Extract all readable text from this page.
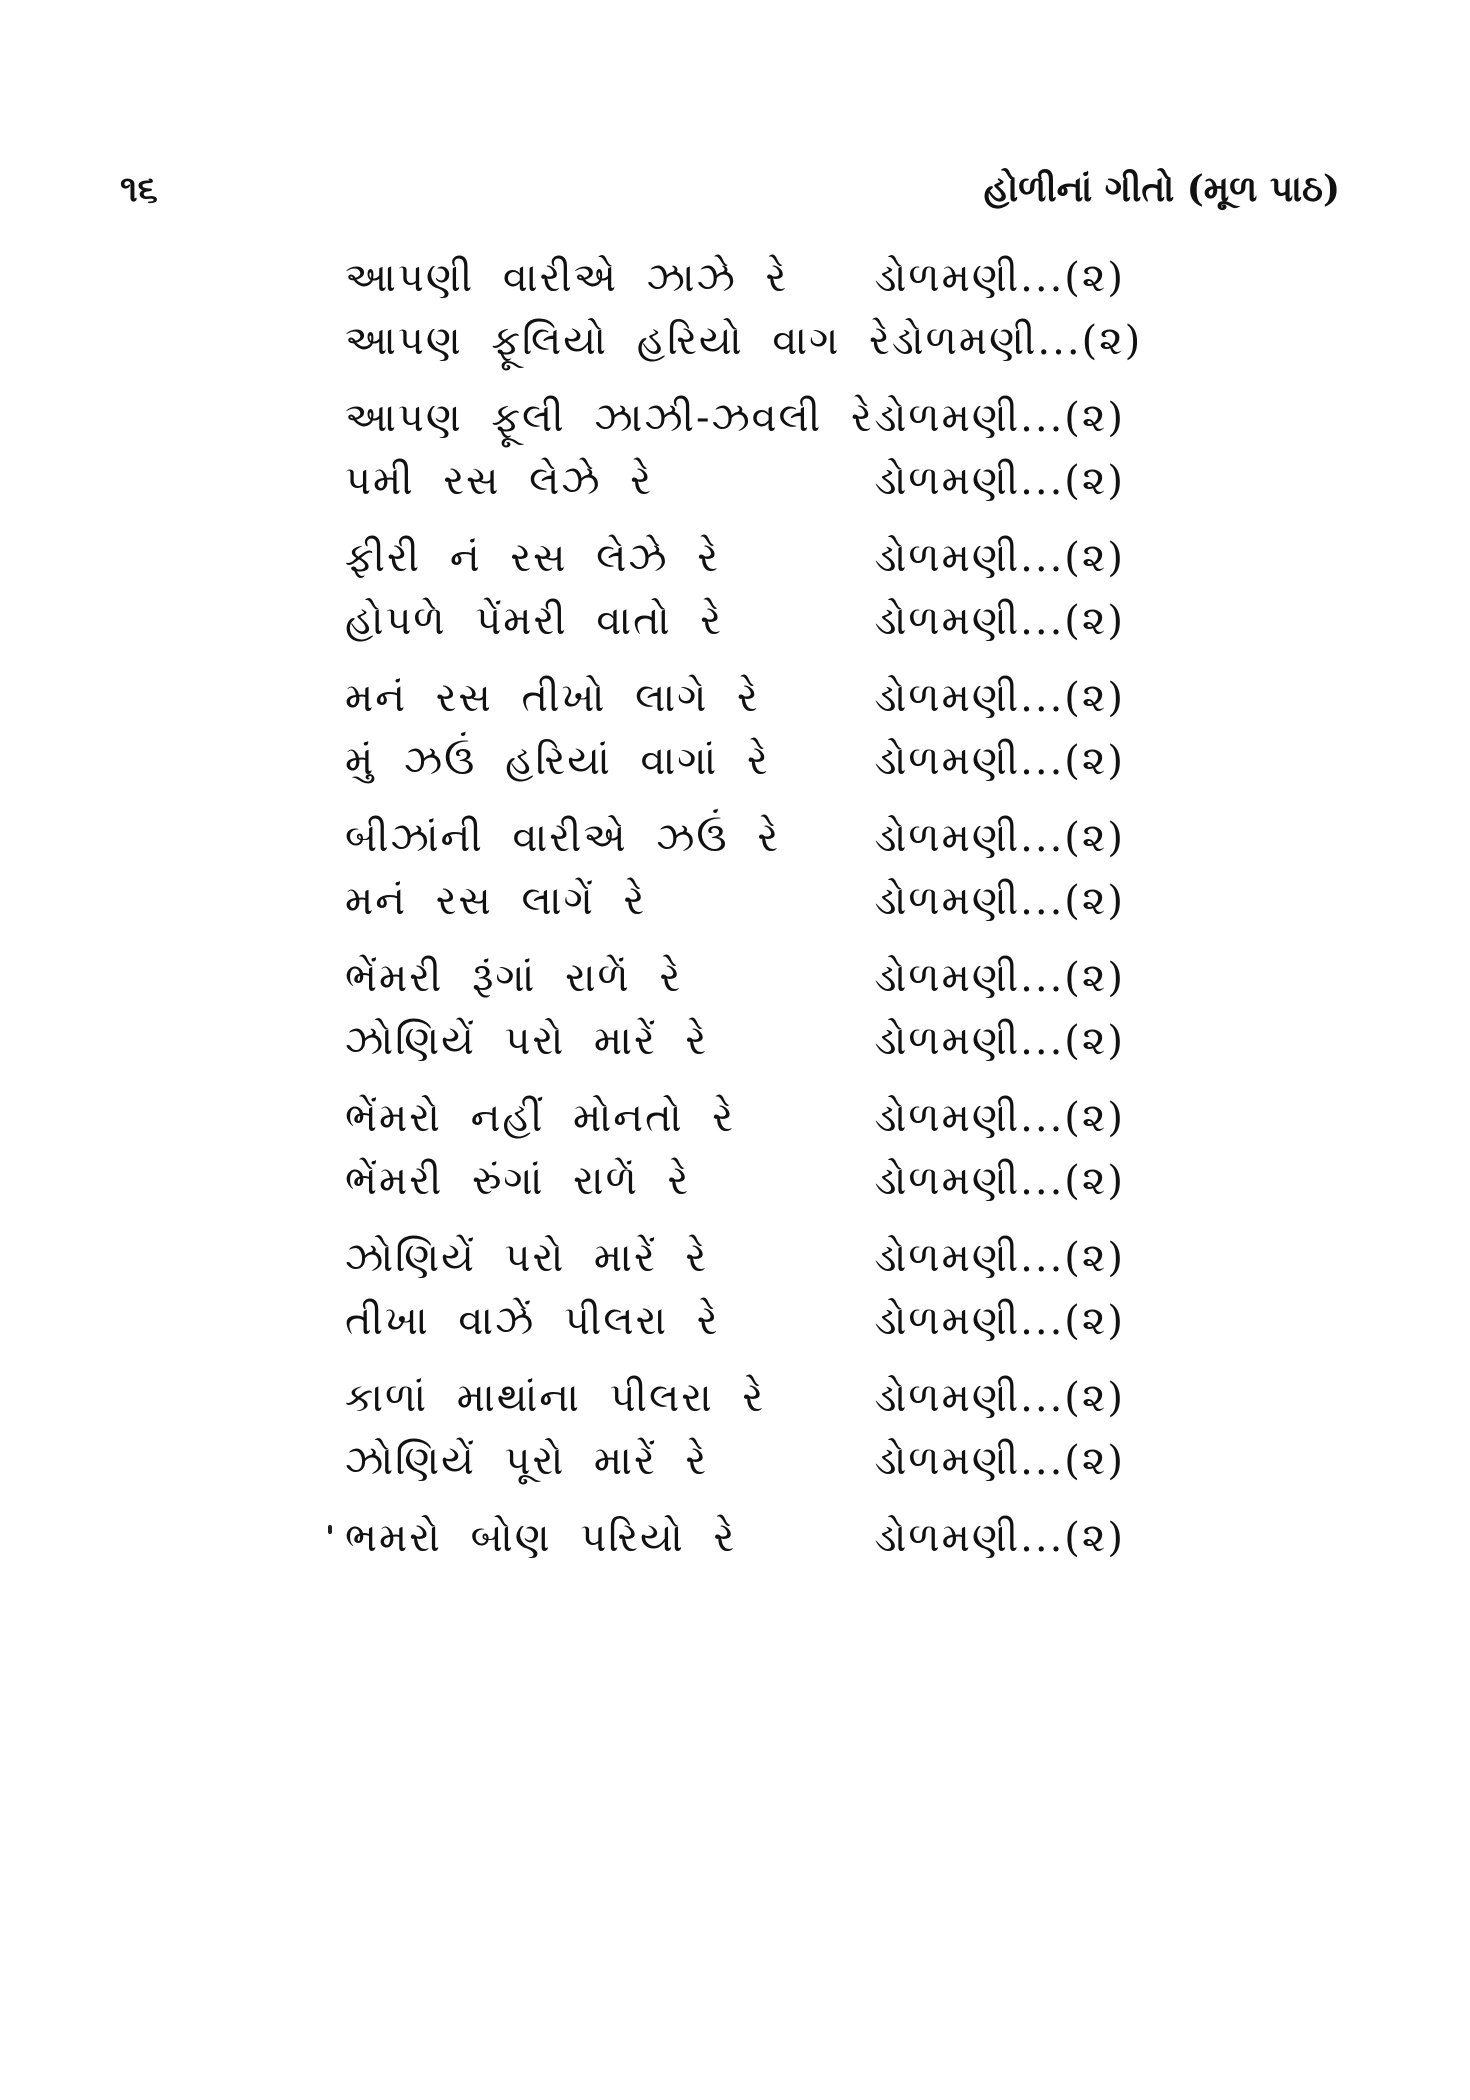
૧૬	હોળીનાં ગીતો (મૂળ પાઠ)
આપણી વારીએ ઝાઝે રે	ડોળમણી...(૨)
આપણ ફૂલિયો હરિયો વાગ રે ડોળમણી...(૨)
આપણ ફૂલી ઝાઝી-ઝવલી રે ડોળમણી...(૨)
પમી રસ લેઝે રે	ડોળમણી...(૨)
ફીરી નં રસ લેઝે રે	ડોળમણી...(૨)
હોપળે પેંમરી વાતો રે	ડોળમણી...(૨)
મનં રસ તીખો લાગે રે	ડોળમણી...(૨)
મું ઝઉં હરિયાં વાગાં રે	ડોળમણી...(૨)
બીઝાંની વારીએ ઝઉં રે	ડોળમણી...(૨)
મનં રસ લાગેં રે	ડોળમણી...(૨)
ભેંમરી રૂંગાં રાળેં રે	ડોળમણી...(૨)
ઝોણિયેં પરો મારેં રે	ડોળમણી...(૨)
ભેંમરો નહીં મોનતો રે	ડોળમણી...(૨)
ભેંમરી રુંગાં રાળેં રે	ડોળમણી...(૨)
ઝોણિયેં પરો મારેં રે	ડોળમણી...(૨)
તીખા વાઝેં પીલરા રે	ડોળમણી...(૨)
કાળાં માથાંના પીલરા રે	ડોળમણી...(૨)
ઝોણિયેં પૂરો મારેં રે	ડોળમણી...(૨)
ભમરો બોણ પરિયો રે	ડોળમણી...(૨)
